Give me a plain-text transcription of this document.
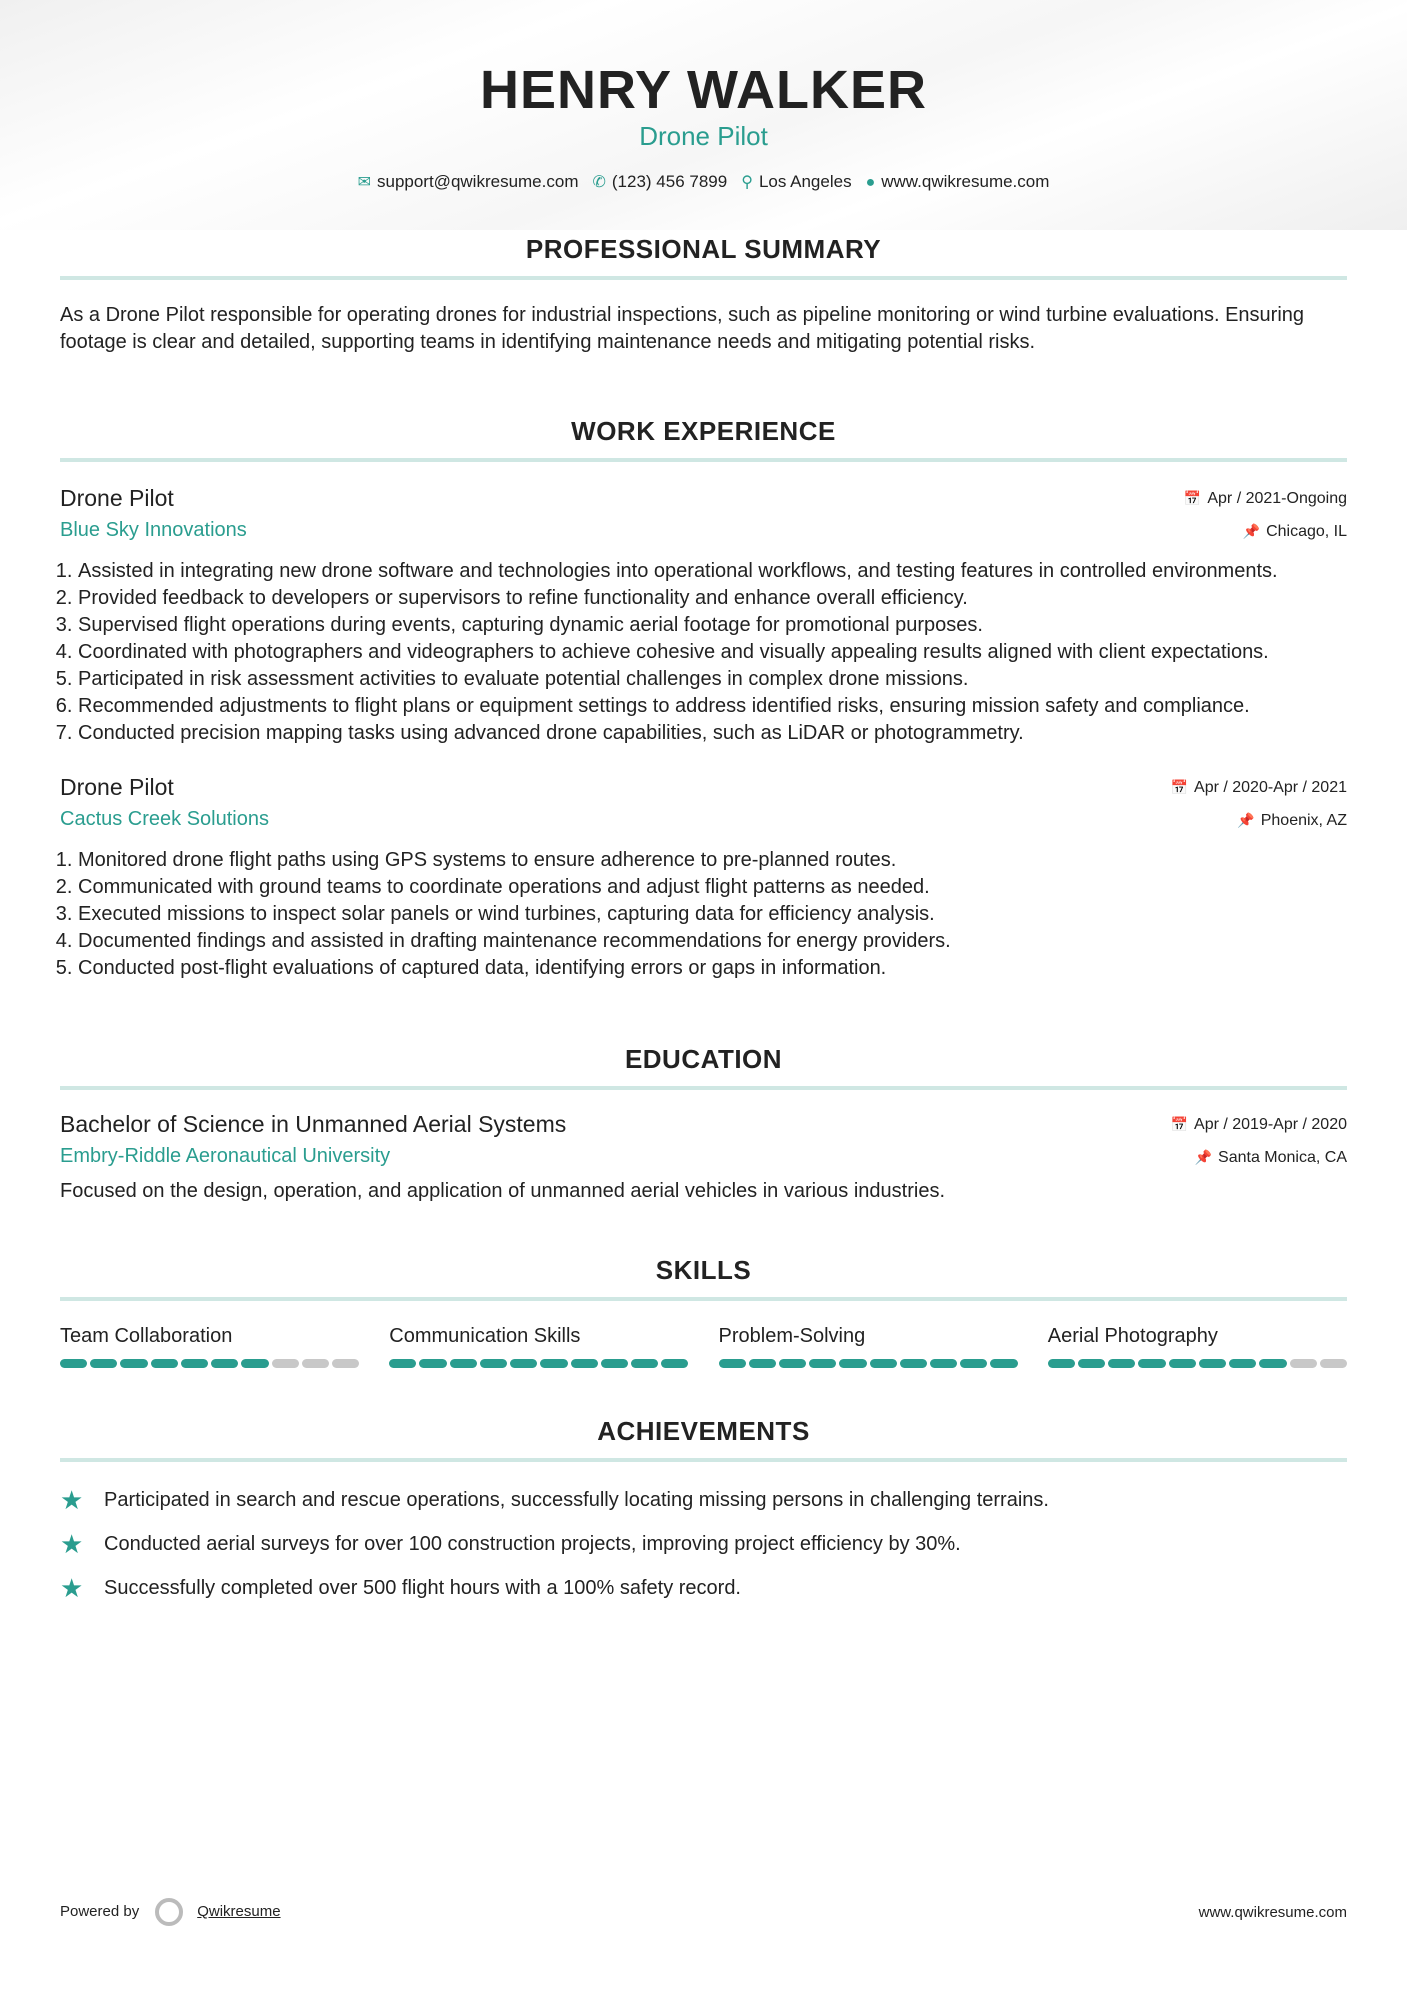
HENRY WALKER
Drone Pilot
✉ support@qwikresume.com ✆ (123) 456 7899 ⚲ Los Angeles ● www.qwikresume.com
PROFESSIONAL SUMMARY

As a Drone Pilot responsible for operating drones for industrial inspections, such as pipeline monitoring or wind turbine evaluations. Ensuring footage is clear and detailed, supporting teams in identifying maintenance needs and mitigating potential risks.

WORK EXPERIENCE
Drone Pilot
Blue Sky Innovations
📅 Apr / 2021-Ongoing
📌 Chicago, IL
1. Assisted in integrating new drone software and technologies into operational workflows, and testing features in controlled environments.
2. Provided feedback to developers or supervisors to refine functionality and enhance overall efficiency.
3. Supervised flight operations during events, capturing dynamic aerial footage for promotional purposes.
4. Coordinated with photographers and videographers to achieve cohesive and visually appealing results aligned with client expectations.
5. Participated in risk assessment activities to evaluate potential challenges in complex drone missions.
6. Recommended adjustments to flight plans or equipment settings to address identified risks, ensuring mission safety and compliance.
7. Conducted precision mapping tasks using advanced drone capabilities, such as LiDAR or photogrammetry.
Drone Pilot
Cactus Creek Solutions
📅 Apr / 2020-Apr / 2021
📌 Phoenix, AZ
1. Monitored drone flight paths using GPS systems to ensure adherence to pre-planned routes.
2. Communicated with ground teams to coordinate operations and adjust flight patterns as needed.
3. Executed missions to inspect solar panels or wind turbines, capturing data for efficiency analysis.
4. Documented findings and assisted in drafting maintenance recommendations for energy providers.
5. Conducted post-flight evaluations of captured data, identifying errors or gaps in information.
EDUCATION
Bachelor of Science in Unmanned Aerial Systems
Embry-Riddle Aeronautical University
📅 Apr / 2019-Apr / 2020
📌 Santa Monica, CA

Focused on the design, operation, and application of unmanned aerial vehicles in various industries.

SKILLS
Team Collaboration	Communication Skills	Problem-Solving	Aerial Photography
ACHIEVEMENTS
★	Participated in search and rescue operations, successfully locating missing persons in challenging terrains.
★	Conducted aerial surveys for over 100 construction projects, improving project efficiency by 30%.
★	Successfully completed over 500 flight hours with a 100% safety record.
Powered by	Qwikresume	www.qwikresume.com
